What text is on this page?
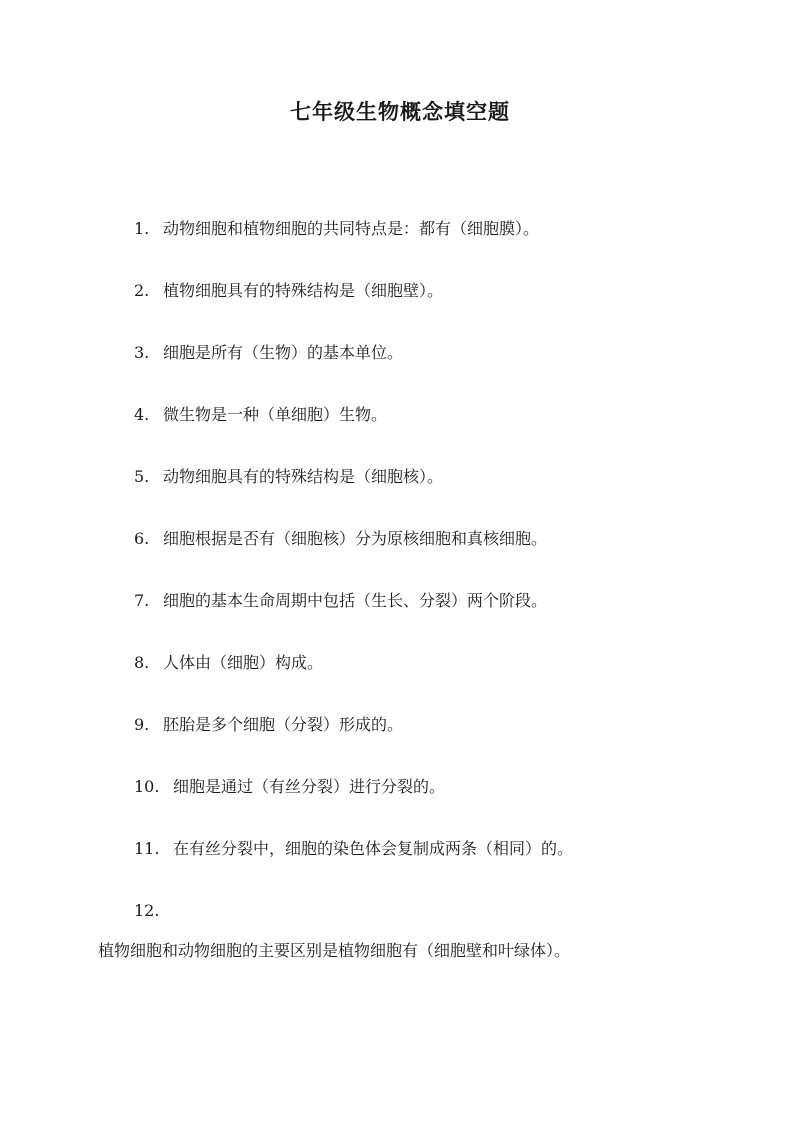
七年级生物概念填空题
1. 动物细胞和植物细胞的共同特点是：都有（细胞膜）。
2. 植物细胞具有的特殊结构是（细胞壁）。
3. 细胞是所有（生物）的基本单位。
4. 微生物是一种（单细胞）生物。
5. 动物细胞具有的特殊结构是（细胞核）。
6. 细胞根据是否有（细胞核）分为原核细胞和真核细胞。
7. 细胞的基本生命周期中包括（生长、分裂）两个阶段。
8. 人体由（细胞）构成。
9. 胚胎是多个细胞（分裂）形成的。
10. 细胞是通过（有丝分裂）进行分裂的。
11. 在有丝分裂中，细胞的染色体会复制成两条（相同）的。
12.
植物细胞和动物细胞的主要区别是植物细胞有（细胞壁和叶绿体）。
